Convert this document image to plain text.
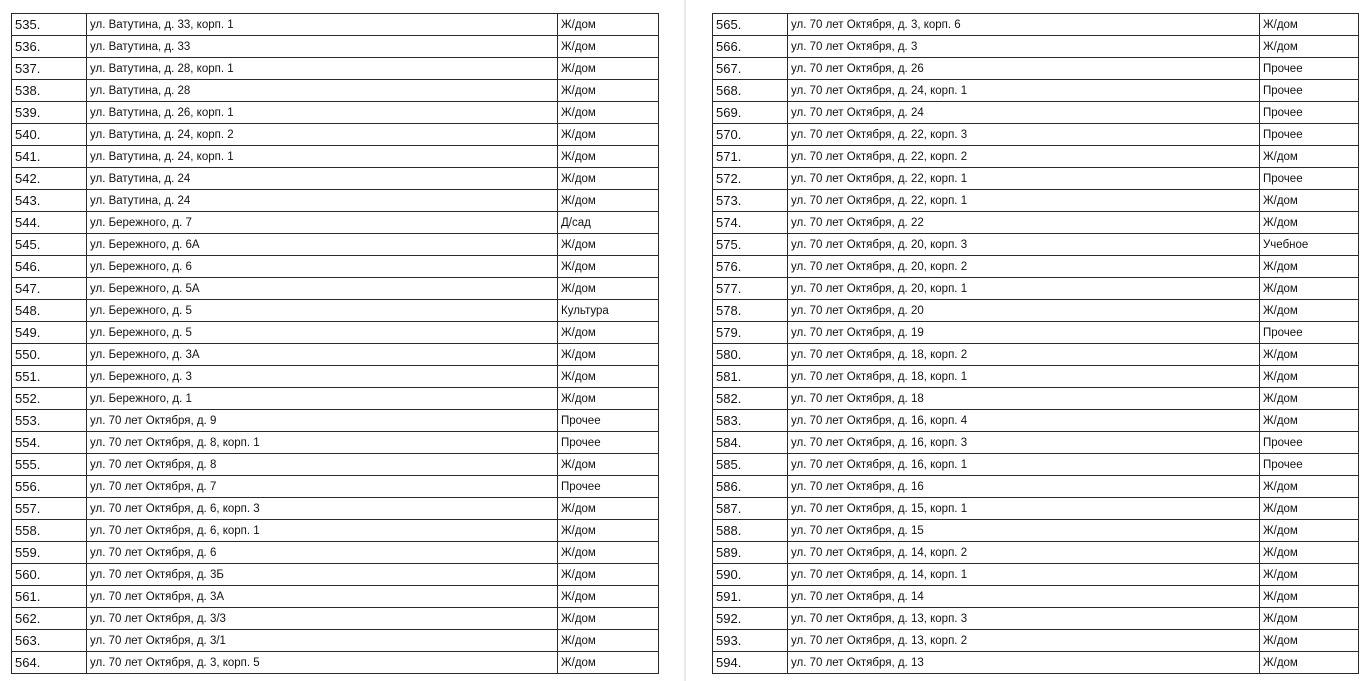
535.	ул. Ватутина, д. 33, корп. 1	Ж/дом
536.	ул. Ватутина, д. 33	Ж/дом
537.	ул. Ватутина, д. 28, корп. 1	Ж/дом
538.	ул. Ватутина, д. 28	Ж/дом
539.	ул. Ватутина, д. 26, корп. 1	Ж/дом
540.	ул. Ватутина, д. 24, корп. 2	Ж/дом
541.	ул. Ватутина, д. 24, корп. 1	Ж/дом
542.	ул. Ватутина, д. 24	Ж/дом
543.	ул. Ватутина, д. 24	Ж/дом
544.	ул. Бережного, д. 7	Д/сад
545.	ул. Бережного, д. 6А	Ж/дом
546.	ул. Бережного, д. 6	Ж/дом
547.	ул. Бережного, д. 5А	Ж/дом
548.	ул. Бережного, д. 5	Культура
549.	ул. Бережного, д. 5	Ж/дом
550.	ул. Бережного, д. 3А	Ж/дом
551.	ул. Бережного, д. 3	Ж/дом
552.	ул. Бережного, д. 1	Ж/дом
553.	ул. 70 лет Октября, д. 9	Прочее
554.	ул. 70 лет Октября, д. 8, корп. 1	Прочее
555.	ул. 70 лет Октября, д. 8	Ж/дом
556.	ул. 70 лет Октября, д. 7	Прочее
557.	ул. 70 лет Октября, д. 6, корп. 3	Ж/дом
558.	ул. 70 лет Октября, д. 6, корп. 1	Ж/дом
559.	ул. 70 лет Октября, д. 6	Ж/дом
560.	ул. 70 лет Октября, д. 3Б	Ж/дом
561.	ул. 70 лет Октября, д. 3А	Ж/дом
562.	ул. 70 лет Октября, д. 3/3	Ж/дом
563.	ул. 70 лет Октября, д. 3/1	Ж/дом
564.	ул. 70 лет Октября, д. 3, корп. 5	Ж/дом
565.	ул. 70 лет Октября, д. 3, корп. 6	Ж/дом
566.	ул. 70 лет Октября, д. 3	Ж/дом
567.	ул. 70 лет Октября, д. 26	Прочее
568.	ул. 70 лет Октября, д. 24, корп. 1	Прочее
569.	ул. 70 лет Октября, д. 24	Прочее
570.	ул. 70 лет Октября, д. 22, корп. 3	Прочее
571.	ул. 70 лет Октября, д. 22, корп. 2	Ж/дом
572.	ул. 70 лет Октября, д. 22, корп. 1	Прочее
573.	ул. 70 лет Октября, д. 22, корп. 1	Ж/дом
574.	ул. 70 лет Октября, д. 22	Ж/дом
575.	ул. 70 лет Октября, д. 20, корп. 3	Учебное
576.	ул. 70 лет Октября, д. 20, корп. 2	Ж/дом
577.	ул. 70 лет Октября, д. 20, корп. 1	Ж/дом
578.	ул. 70 лет Октября, д. 20	Ж/дом
579.	ул. 70 лет Октября, д. 19	Прочее
580.	ул. 70 лет Октября, д. 18, корп. 2	Ж/дом
581.	ул. 70 лет Октября, д. 18, корп. 1	Ж/дом
582.	ул. 70 лет Октября, д. 18	Ж/дом
583.	ул. 70 лет Октября, д. 16, корп. 4	Ж/дом
584.	ул. 70 лет Октября, д. 16, корп. 3	Прочее
585.	ул. 70 лет Октября, д. 16, корп. 1	Прочее
586.	ул. 70 лет Октября, д. 16	Ж/дом
587.	ул. 70 лет Октября, д. 15, корп. 1	Ж/дом
588.	ул. 70 лет Октября, д. 15	Ж/дом
589.	ул. 70 лет Октября, д. 14, корп. 2	Ж/дом
590.	ул. 70 лет Октября, д. 14, корп. 1	Ж/дом
591.	ул. 70 лет Октября, д. 14	Ж/дом
592.	ул. 70 лет Октября, д. 13, корп. 3	Ж/дом
593.	ул. 70 лет Октября, д. 13, корп. 2	Ж/дом
594.	ул. 70 лет Октября, д. 13	Ж/дом
